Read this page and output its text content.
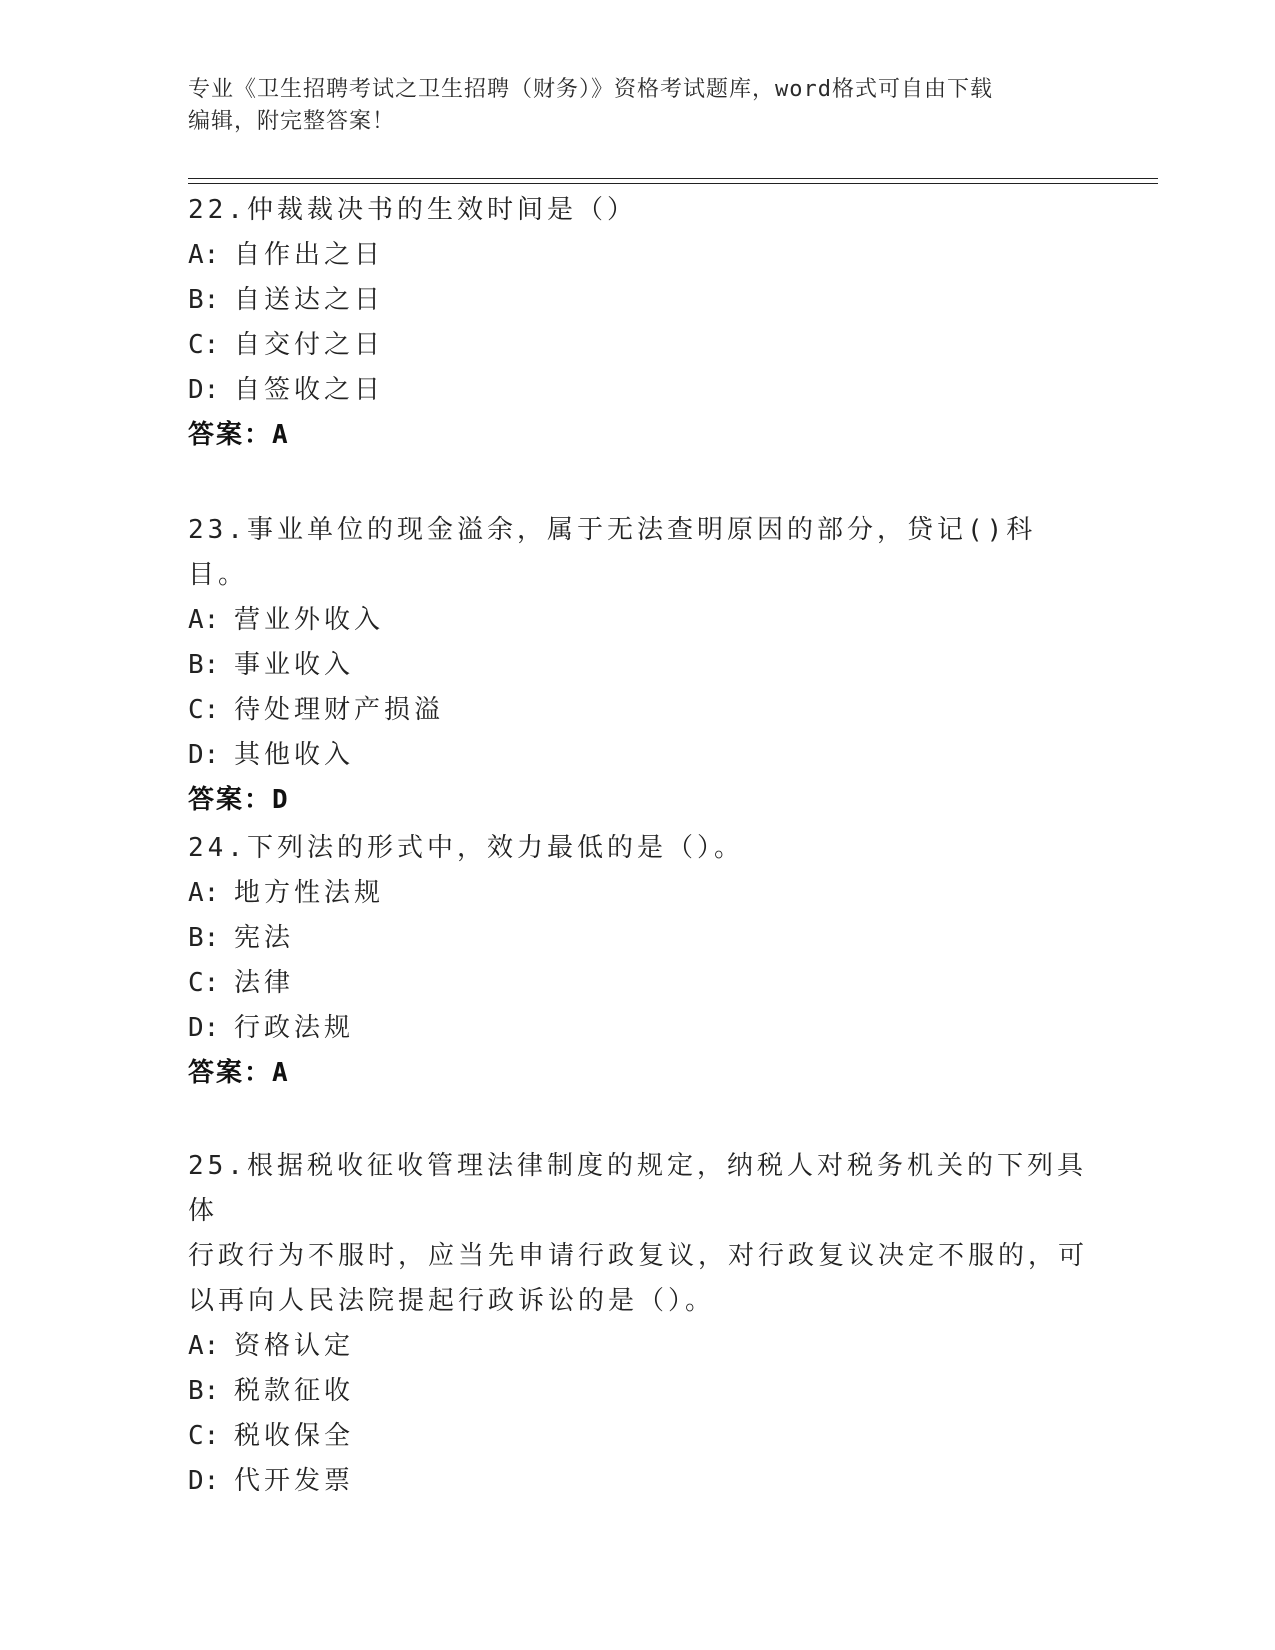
专业《卫生招聘考试之卫生招聘（财务）》资格考试题库，word格式可自由下载
编辑，附完整答案！

22.仲裁裁决书的生效时间是（）

A: 自作出之日

B: 自送达之日

C: 自交付之日

D: 自签收之日

答案：A

23.事业单位的现金溢余，属于无法查明原因的部分，贷记()科目。

A: 营业外收入

B: 事业收入

C: 待处理财产损溢

D: 其他收入

答案：D

24.下列法的形式中，效力最低的是（）。

A: 地方性法规

B: 宪法

C: 法律

D: 行政法规

答案：A

25.根据税收征收管理法律制度的规定，纳税人对税务机关的下列具体

行政行为不服时，应当先申请行政复议，对行政复议决定不服的，可

以再向人民法院提起行政诉讼的是（）。

A: 资格认定

B: 税款征收

C: 税收保全

D: 代开发票
